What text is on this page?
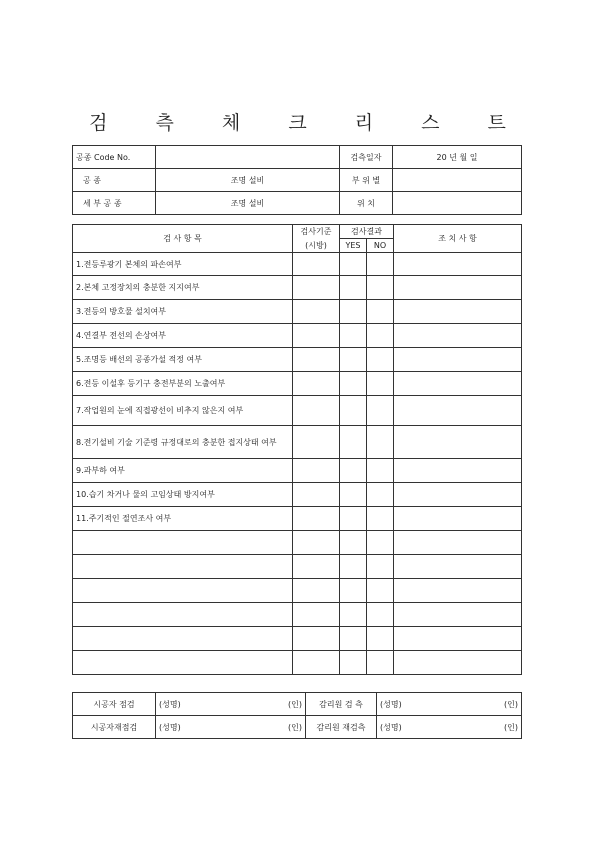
검 측 체 크 리 스 트
공종 Code No.		검측일자	20 년 월 일
공 종	조명 설비	부 위 별	
세 부 공 종	조명 설비	위 치	
검 사 항 목	검사기준	검사결과		조 치 사 항
	(시방)	YES	NO	
1.전등루광기 본체의 파손여부				
2.본체 고정장치의 충분한 지지여부				
3.전등의 방호물 설치여부				
4.연결부 전선의 손상여부				
5.조명등 배선의 공종가설 적정 여부				
6.전등 이설후 등기구 충전부분의 노출여부				
7.작업원의 눈에 직접광선이 비추지 않은지 여부				
8.전기설비 기술 기준령 규정대로의 충분한 접지상태 여부				
9.과부하 여부				
10.습기 차거나 물의 고임상태 방지여부				
11.주기적인 절연조사 여부				

시공자 점검	(성명) (인)	감리원 검 측	(성명) (인)

시공자재점검	(성명) (인)	감리원 재검측	(성명) (인)
